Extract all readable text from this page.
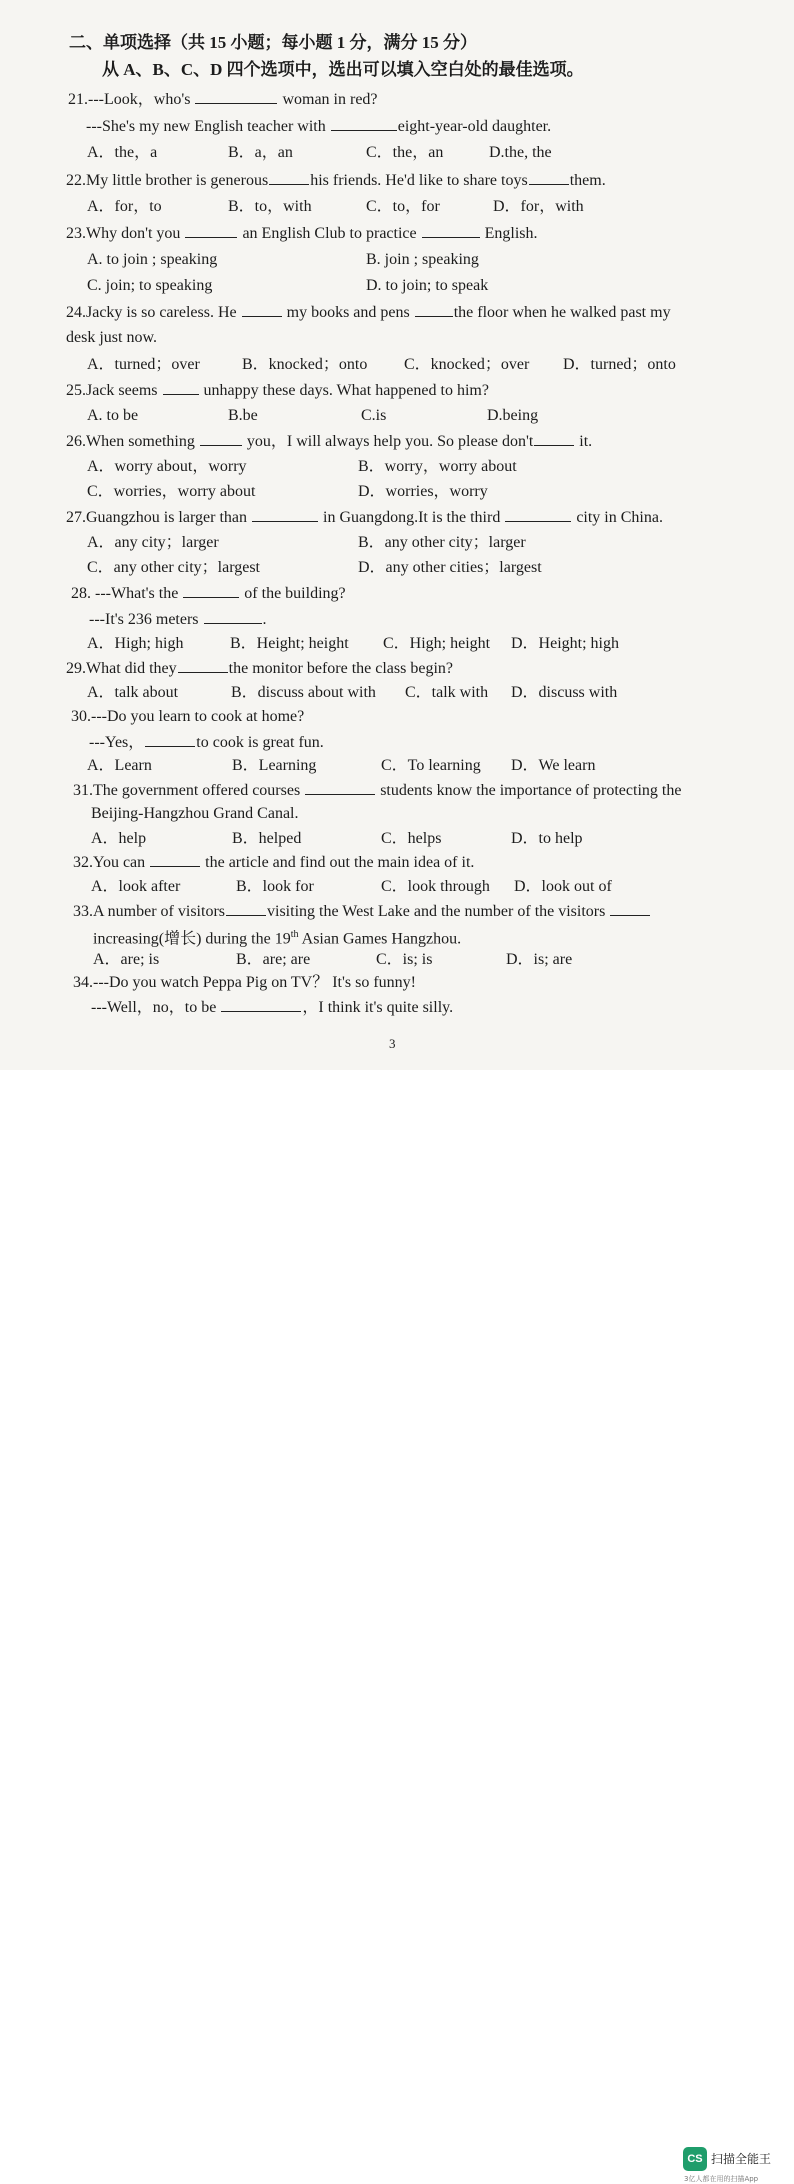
二、单项选择（共 15 小题；每小题 1 分，满分 15 分）
从 A、B、C、D 四个选项中，选出可以填入空白处的最佳选项。
21.---Look，who's	woman in red?
---She's my new English teacher with	eight-year-old daughter.
A．the，a	B．a，an	C．the，an	D.the, the
22.My little brother is generous	his friends. He'd like to share toys	them.
A．for，to	B．to，with	C．to，for	D．for，with
23.Why don't you	an English Club to practice	English.
A. to join ; speaking	B. join ; speaking
C. join; to speaking	D. to join; to speak
24.Jacky is so careless. He	my books and pens	the floor when he walked past my
desk just now.
A．turned；over	B．knocked；onto C．knocked；over D．turned；onto
25.Jack seems	unhappy these days. What happened to him?
A. to be	B.be	C.is	D.being
26.When something	you，I will always help you. So please don't	it.
A．worry about，worry	B．worry，worry about
C．worries，worry about	D．worries，worry
27.Guangzhou is larger than	in Guangdong.It is the third	city in China.
A．any city；larger	B．any other city；larger
C．any other city；largest	D．any other cities；largest
28. ---What's the	of the building?
---It's 236 meters	.
A．High; high	B．Height; height C．High; height D．Height; high
29.What did they	the monitor before the class begin?
A．talk about	B．discuss about with C．talk with D．discuss with
30.---Do you learn to cook at home?
---Yes，	to cook is great fun.
A．Learn	B．Learning	C．To learning D．We learn
31.The government offered courses	students know the importance of protecting the
Beijing-Hangzhou Grand Canal.
A．help	B．helped	C．helps	D．to help
32.You can	the article and find out the main idea of it.
A．look after	B．look for	C．look through D．look out of
33.A number of visitors	visiting the West Lake and the number of the visitors
increasing(增长) during the 19th Asian Games Hangzhou.
A．are; is	B．are; are	C．is; is	D．is; are
34.---Do you watch Peppa Pig on TV？ It's so funny!
---Well，no，to be	，I think it's quite silly.
3
CS 扫描全能王
3亿人都在用的扫描App
